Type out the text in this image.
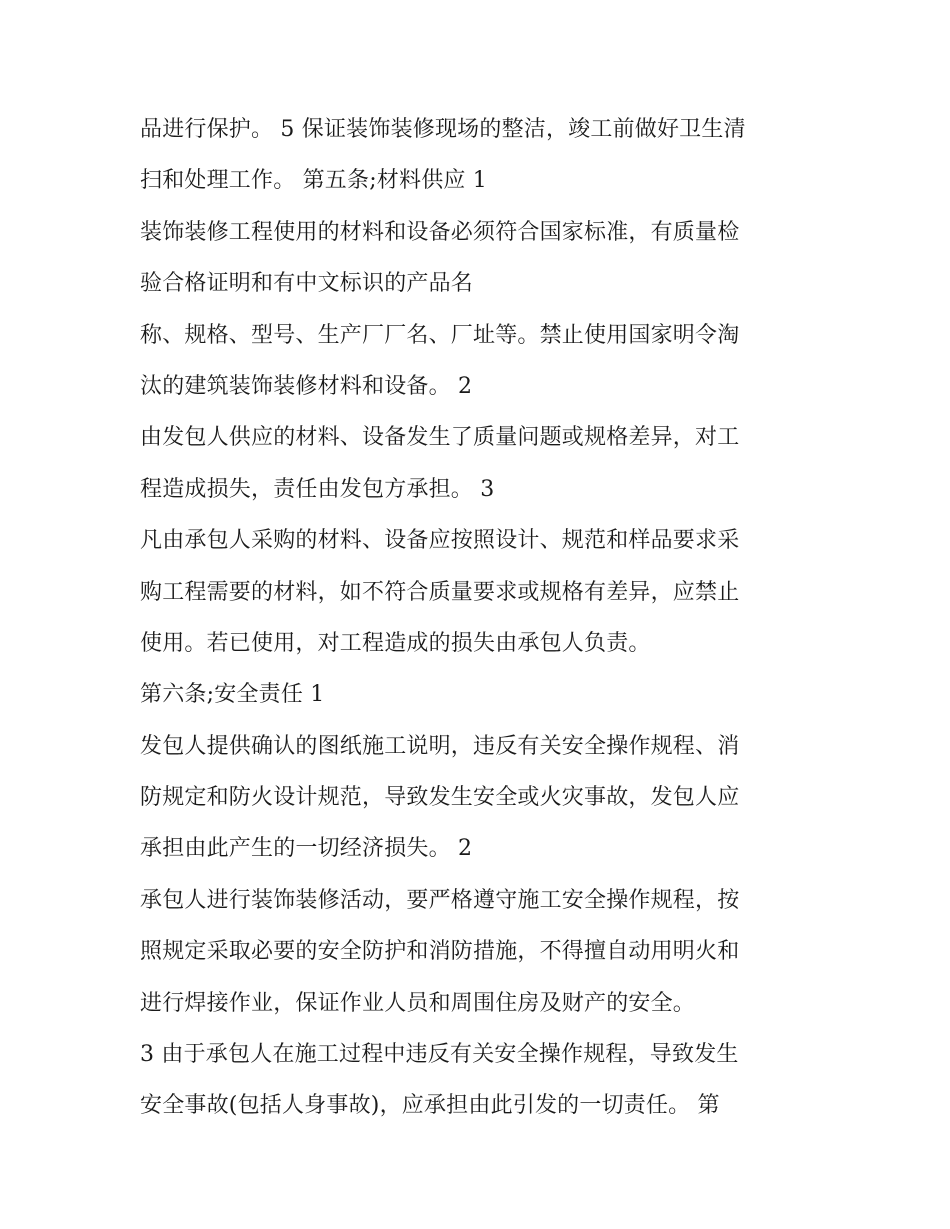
品进行保护。 5 保证装饰装修现场的整洁，竣工前做好卫生清
扫和处理工作。 第五条;材料供应 1
装饰装修工程使用的材料和设备必须符合国家标准，有质量检
验合格证明和有中文标识的产品名
称、规格、型号、生产厂厂名、厂址等。禁止使用国家明令淘
汰的建筑装饰装修材料和设备。 2
由发包人供应的材料、设备发生了质量问题或规格差异，对工
程造成损失，责任由发包方承担。 3
凡由承包人采购的材料、设备应按照设计、规范和样品要求采
购工程需要的材料，如不符合质量要求或规格有差异，应禁止
使用。若已使用，对工程造成的损失由承包人负责。
第六条;安全责任 1
发包人提供确认的图纸施工说明，违反有关安全操作规程、消
防规定和防火设计规范，导致发生安全或火灾事故，发包人应
承担由此产生的一切经济损失。 2
承包人进行装饰装修活动，要严格遵守施工安全操作规程，按
照规定采取必要的安全防护和消防措施，不得擅自动用明火和
进行焊接作业，保证作业人员和周围住房及财产的安全。
3 由于承包人在施工过程中违反有关安全操作规程，导致发生
安全事故(包括人身事故)，应承担由此引发的一切责任。 第
